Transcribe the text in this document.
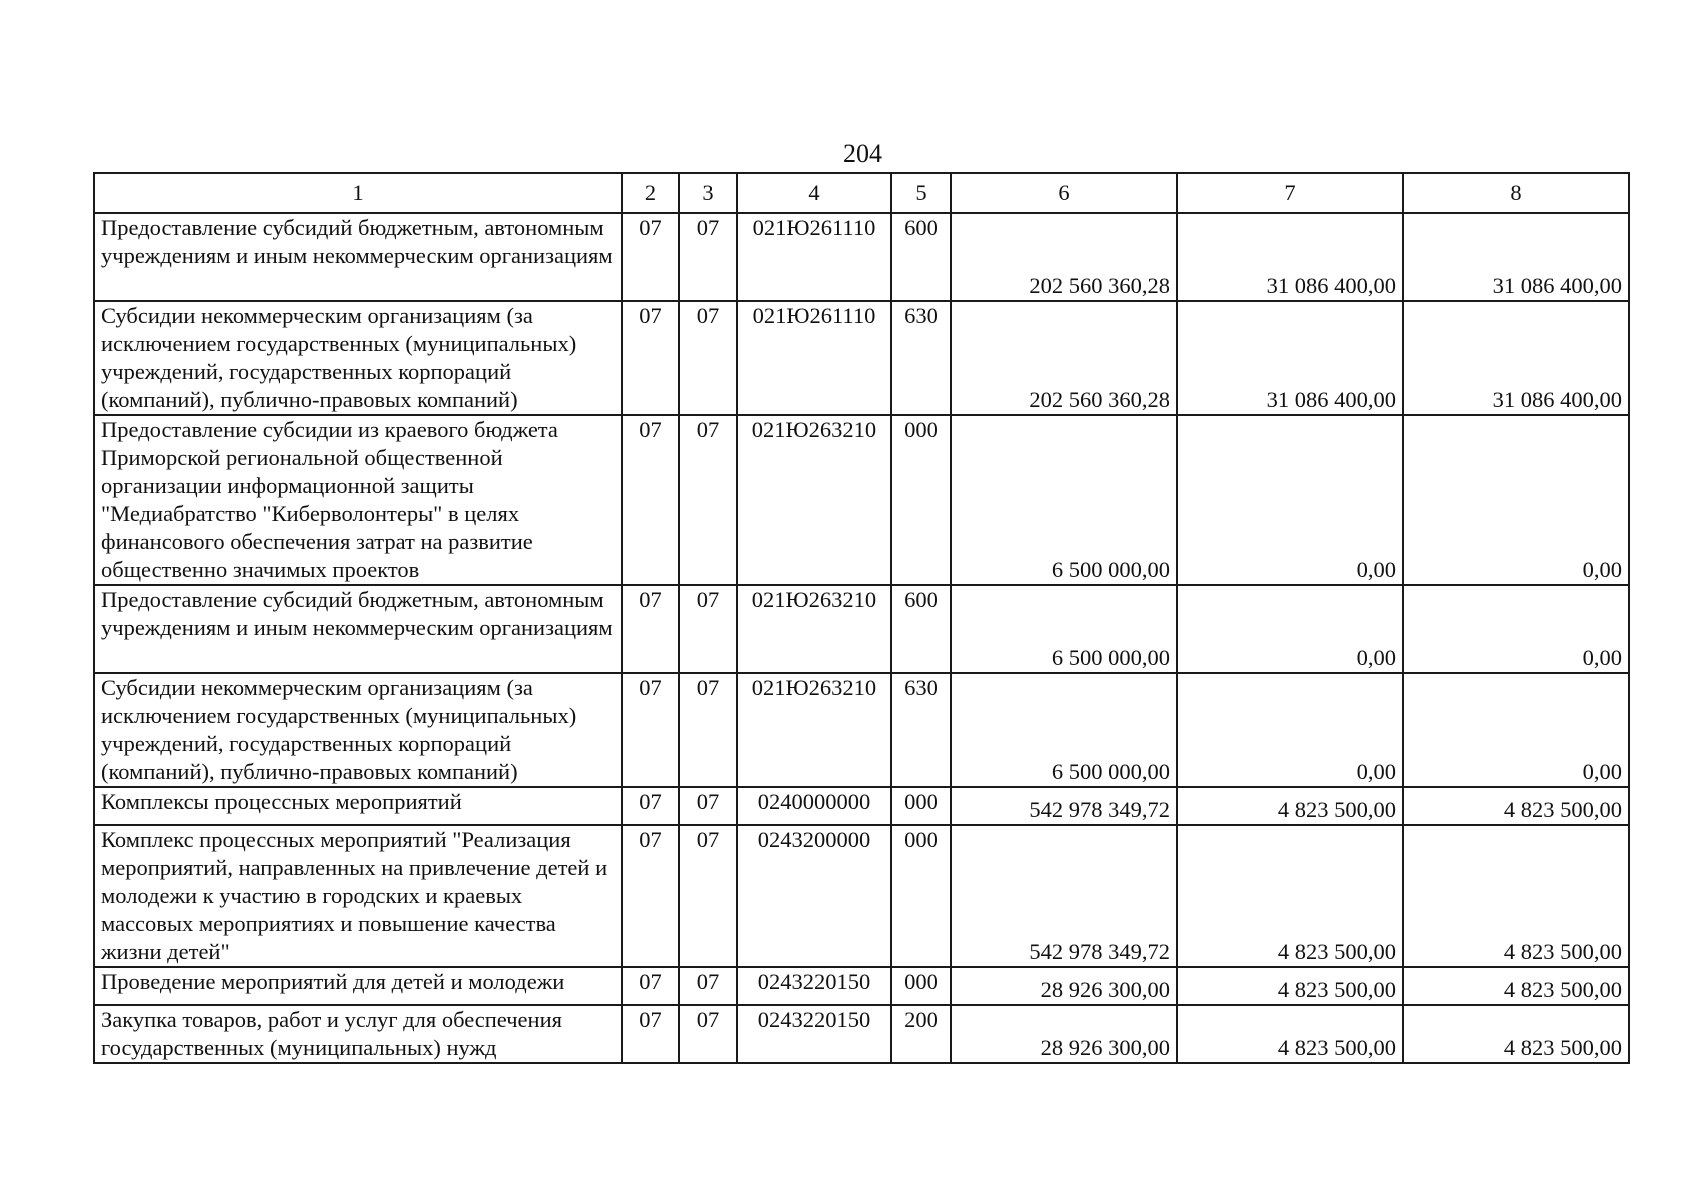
204
1	2	3	4	5	6	7	8
Предоставление субсидий бюджетным, автономным учреждениям и иным некоммерческим организациям	07	07	021Ю261110	600	202 560 360,28	31 086 400,00	31 086 400,00
Субсидии некоммерческим организациям (за исключением государственных (муниципальных) учреждений, государственных корпораций (компаний), публично-правовых компаний)	07	07	021Ю261110	630	202 560 360,28	31 086 400,00	31 086 400,00
Предоставление субсидии из краевого бюджета Приморской региональной общественной организации информационной защиты "Медиабратство "Киберволонтеры" в целях финансового обеспечения затрат на развитие общественно значимых проектов	07	07	021Ю263210	000	6 500 000,00	0,00	0,00
Предоставление субсидий бюджетным, автономным учреждениям и иным некоммерческим организациям	07	07	021Ю263210	600	6 500 000,00	0,00	0,00
Субсидии некоммерческим организациям (за исключением государственных (муниципальных) учреждений, государственных корпораций (компаний), публично-правовых компаний)	07	07	021Ю263210	630	6 500 000,00	0,00	0,00
Комплексы процессных мероприятий	07	07	0240000000	000	542 978 349,72	4 823 500,00	4 823 500,00
Комплекс процессных мероприятий "Реализация мероприятий, направленных на привлечение детей и молодежи к участию в городских и краевых массовых мероприятиях и повышение качества жизни детей"	07	07	0243200000	000	542 978 349,72	4 823 500,00	4 823 500,00
Проведение мероприятий для детей и молодежи	07	07	0243220150	000	28 926 300,00	4 823 500,00	4 823 500,00
Закупка товаров, работ и услуг для обеспечения государственных (муниципальных) нужд	07	07	0243220150	200	28 926 300,00	4 823 500,00	4 823 500,00
